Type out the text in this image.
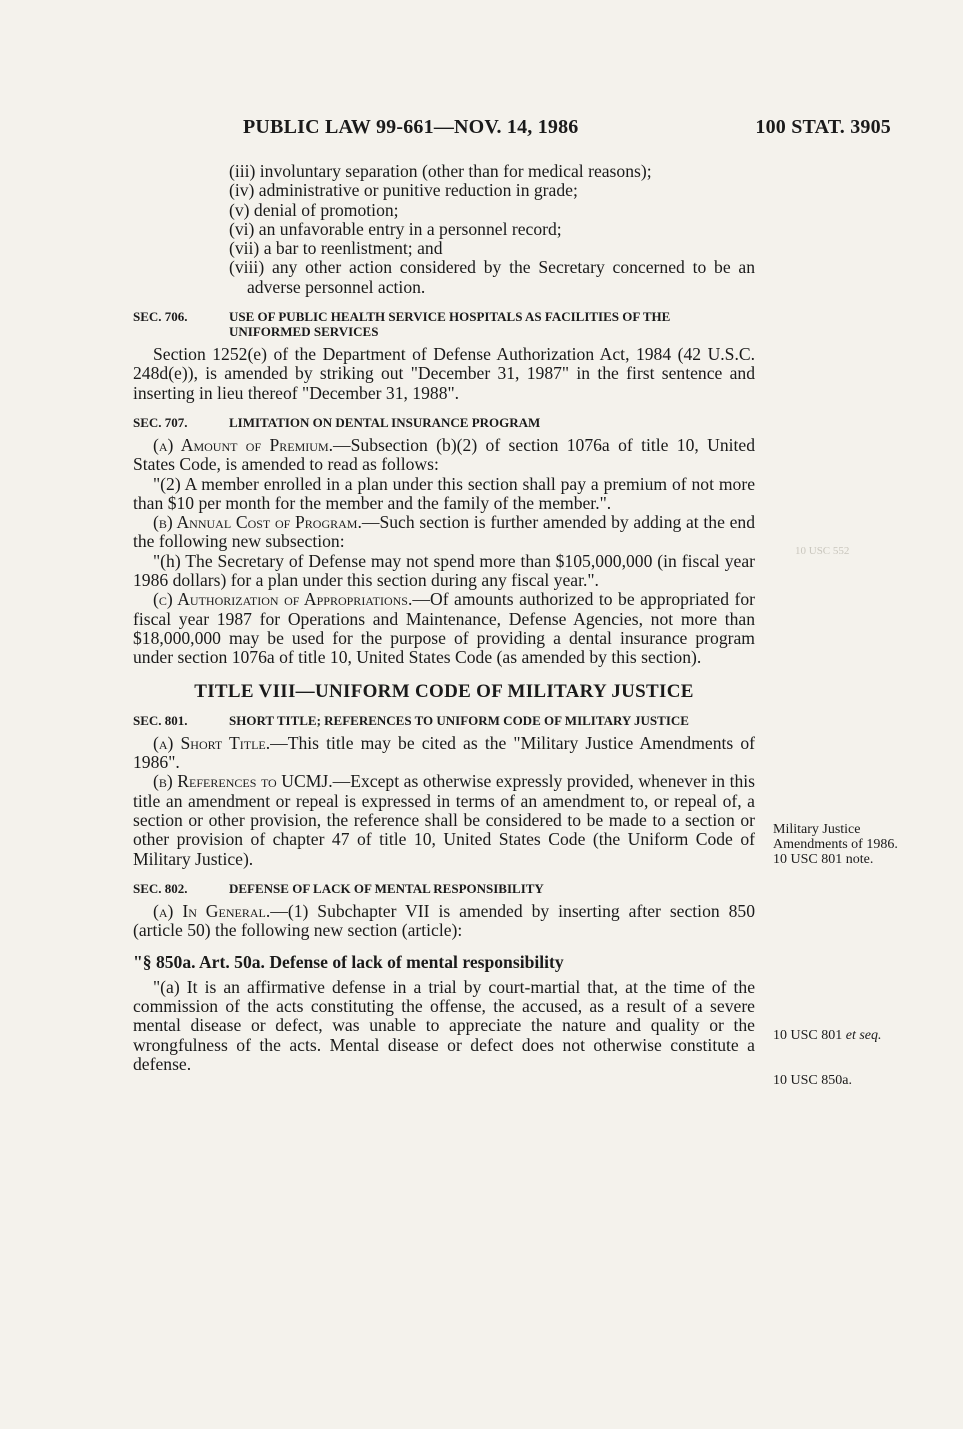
PUBLIC LAW 99-661—NOV. 14, 1986	100 STAT. 3905

(iii) involuntary separation (other than for medical reasons);

(iv) administrative or punitive reduction in grade;

(v) denial of promotion;

(vi) an unfavorable entry in a personnel record;

(vii) a bar to reenlistment; and

(viii) any other action considered by the Secretary concerned to be an adverse personnel action.

SEC. 706.	USE OF PUBLIC HEALTH SERVICE HOSPITALS AS FACILITIES OF THE UNIFORMED SERVICES

Section 1252(e) of the Department of Defense Authorization Act, 1984 (42 U.S.C. 248d(e)), is amended by striking out "December 31, 1987" in the first sentence and inserting in lieu thereof "December 31, 1988".

SEC. 707.	LIMITATION ON DENTAL INSURANCE PROGRAM

(a) Amount of Premium.—Subsection (b)(2) of section 1076a of title 10, United States Code, is amended to read as follows:

"(2) A member enrolled in a plan under this section shall pay a premium of not more than $10 per month for the member and the family of the member.".

(b) Annual Cost of Program.—Such section is further amended by adding at the end the following new subsection:

"(h) The Secretary of Defense may not spend more than $105,000,000 (in fiscal year 1986 dollars) for a plan under this section during any fiscal year.".

(c) Authorization of Appropriations.—Of amounts authorized to be appropriated for fiscal year 1987 for Operations and Maintenance, Defense Agencies, not more than $18,000,000 may be used for the purpose of providing a dental insurance program under section 1076a of title 10, United States Code (as amended by this section).

TITLE VIII—UNIFORM CODE OF MILITARY JUSTICE
SEC. 801.	SHORT TITLE; REFERENCES TO UNIFORM CODE OF MILITARY JUSTICE

(a) Short Title.—This title may be cited as the "Military Justice Amendments of 1986".

(b) References to UCMJ.—Except as otherwise expressly provided, whenever in this title an amendment or repeal is expressed in terms of an amendment to, or repeal of, a section or other provision, the reference shall be considered to be made to a section or other provision of chapter 47 of title 10, United States Code (the Uniform Code of Military Justice).

SEC. 802.	DEFENSE OF LACK OF MENTAL RESPONSIBILITY

(a) In General.—(1) Subchapter VII is amended by inserting after section 850 (article 50) the following new section (article):

"§ 850a. Art. 50a. Defense of lack of mental responsibility

"(a) It is an affirmative defense in a trial by court-martial that, at the time of the commission of the acts constituting the offense, the accused, as a result of a severe mental disease or defect, was unable to appreciate the nature and quality or the wrongfulness of the acts. Mental disease or defect does not otherwise constitute a defense.

Military Justice Amendments of 1986.
10 USC 801 note.
10 USC 801 et seq.
10 USC 850a.
10 USC 552
